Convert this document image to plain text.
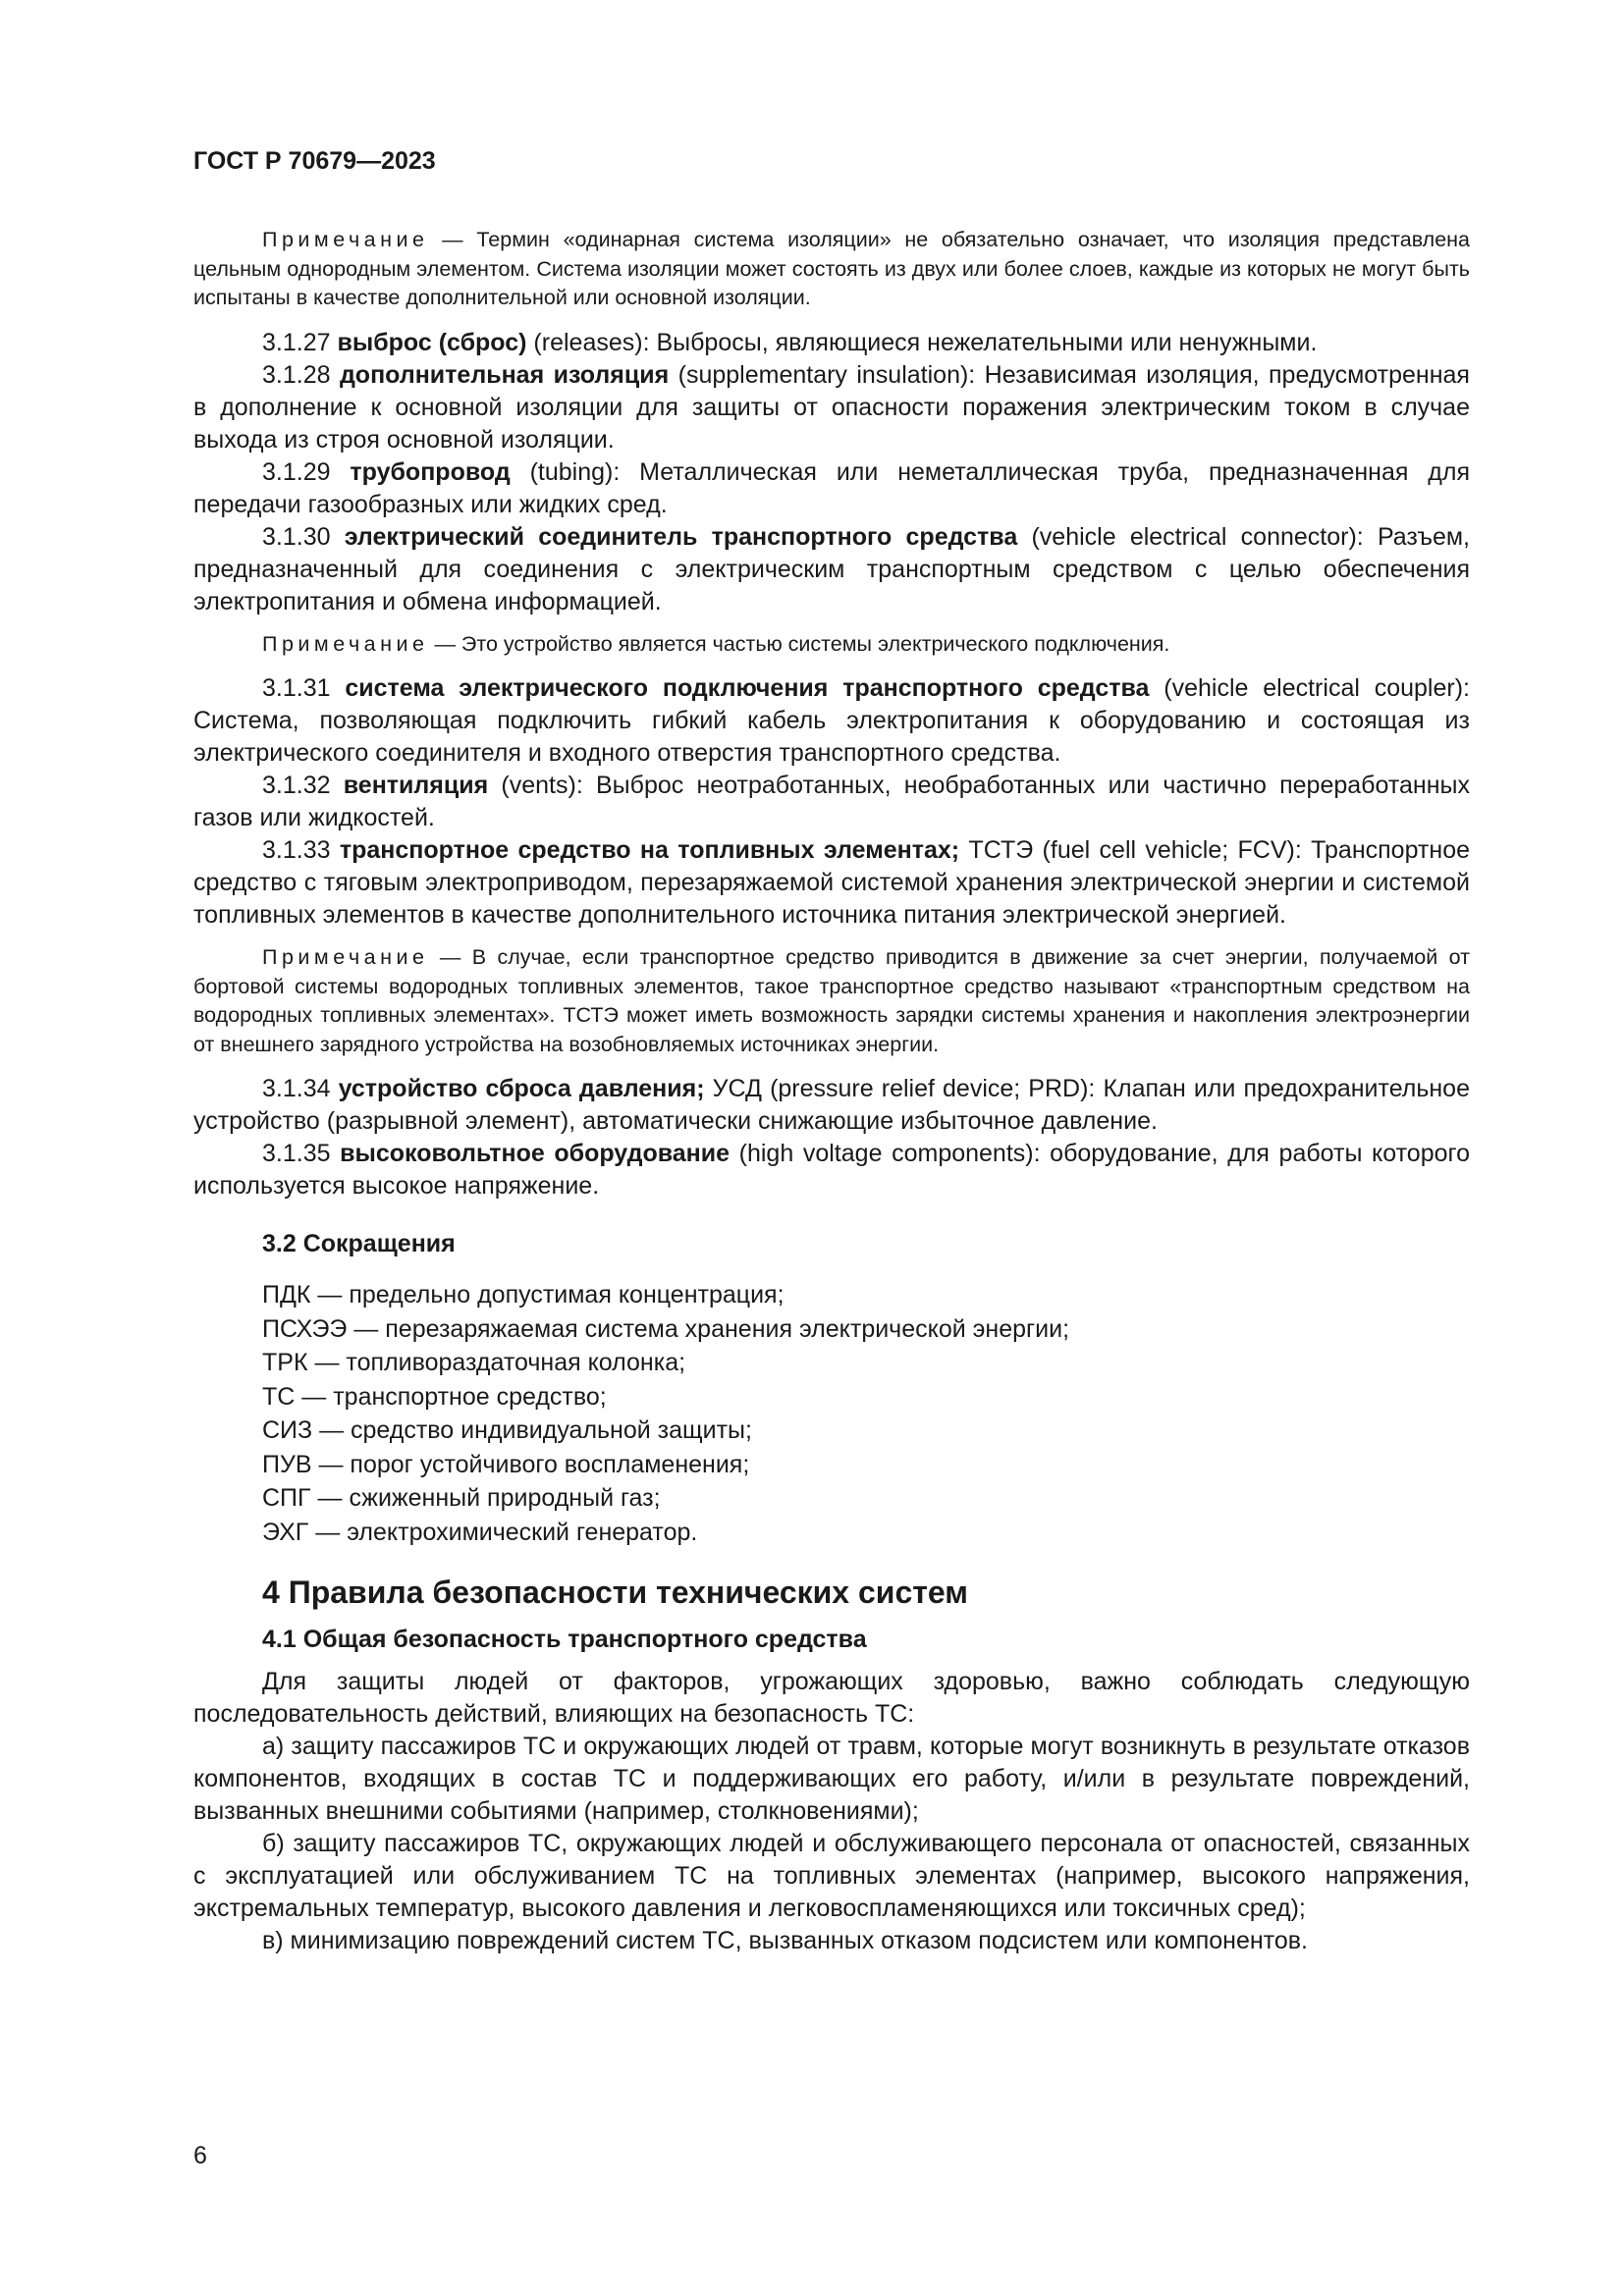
ГОСТ Р 70679—2023

Примечание — Термин «одинарная система изоляции» не обязательно означает, что изоляция представлена цельным однородным элементом. Система изоляции может состоять из двух или более слоев, каждые из которых не могут быть испытаны в качестве дополнительной или основной изоляции.

3.1.27 выброс (сброс) (releases): Выбросы, являющиеся нежелательными или ненужными.

3.1.28 дополнительная изоляция (supplementary insulation): Независимая изоляция, предусмотренная в дополнение к основной изоляции для защиты от опасности поражения электрическим током в случае выхода из строя основной изоляции.

3.1.29 трубопровод (tubing): Металлическая или неметаллическая труба, предназначенная для передачи газообразных или жидких сред.

3.1.30 электрический соединитель транспортного средства (vehicle electrical connector): Разъем, предназначенный для соединения с электрическим транспортным средством с целью обеспечения электропитания и обмена информацией.

Примечание — Это устройство является частью системы электрического подключения.

3.1.31 система электрического подключения транспортного средства (vehicle electrical coupler): Система, позволяющая подключить гибкий кабель электропитания к оборудованию и состоящая из электрического соединителя и входного отверстия транспортного средства.

3.1.32 вентиляция (vents): Выброс неотработанных, необработанных или частично переработанных газов или жидкостей.

3.1.33 транспортное средство на топливных элементах; ТСТЭ (fuel cell vehicle; FCV): Транспортное средство с тяговым электроприводом, перезаряжаемой системой хранения электрической энергии и системой топливных элементов в качестве дополнительного источника питания электрической энергией.

Примечание — В случае, если транспортное средство приводится в движение за счет энергии, получаемой от бортовой системы водородных топливных элементов, такое транспортное средство называют «транспортным средством на водородных топливных элементах». ТСТЭ может иметь возможность зарядки системы хранения и накопления электроэнергии от внешнего зарядного устройства на возобновляемых источниках энергии.

3.1.34 устройство сброса давления; УСД (pressure relief device; PRD): Клапан или предохранительное устройство (разрывной элемент), автоматически снижающие избыточное давление.

3.1.35 высоковольтное оборудование (high voltage components): оборудование, для работы которого используется высокое напряжение.

3.2 Сокращения
ПДК — предельно допустимая концентрация;
ПСХЭЭ — перезаряжаемая система хранения электрической энергии;
ТРК — топливораздаточная колонка;
ТС — транспортное средство;
СИЗ — средство индивидуальной защиты;
ПУВ — порог устойчивого воспламенения;
СПГ — сжиженный природный газ;
ЭХГ — электрохимический генератор.
4 Правила безопасности технических систем
4.1 Общая безопасность транспортного средства

Для защиты людей от факторов, угрожающих здоровью, важно соблюдать следующую последовательность действий, влияющих на безопасность ТС:

а) защиту пассажиров ТС и окружающих людей от травм, которые могут возникнуть в результате отказов компонентов, входящих в состав ТС и поддерживающих его работу, и/или в результате повреждений, вызванных внешними событиями (например, столкновениями);

б) защиту пассажиров ТС, окружающих людей и обслуживающего персонала от опасностей, связанных с эксплуатацией или обслуживанием ТС на топливных элементах (например, высокого напряжения, экстремальных температур, высокого давления и легковоспламеняющихся или токсичных сред);

в) минимизацию повреждений систем ТС, вызванных отказом подсистем или компонентов.

6
